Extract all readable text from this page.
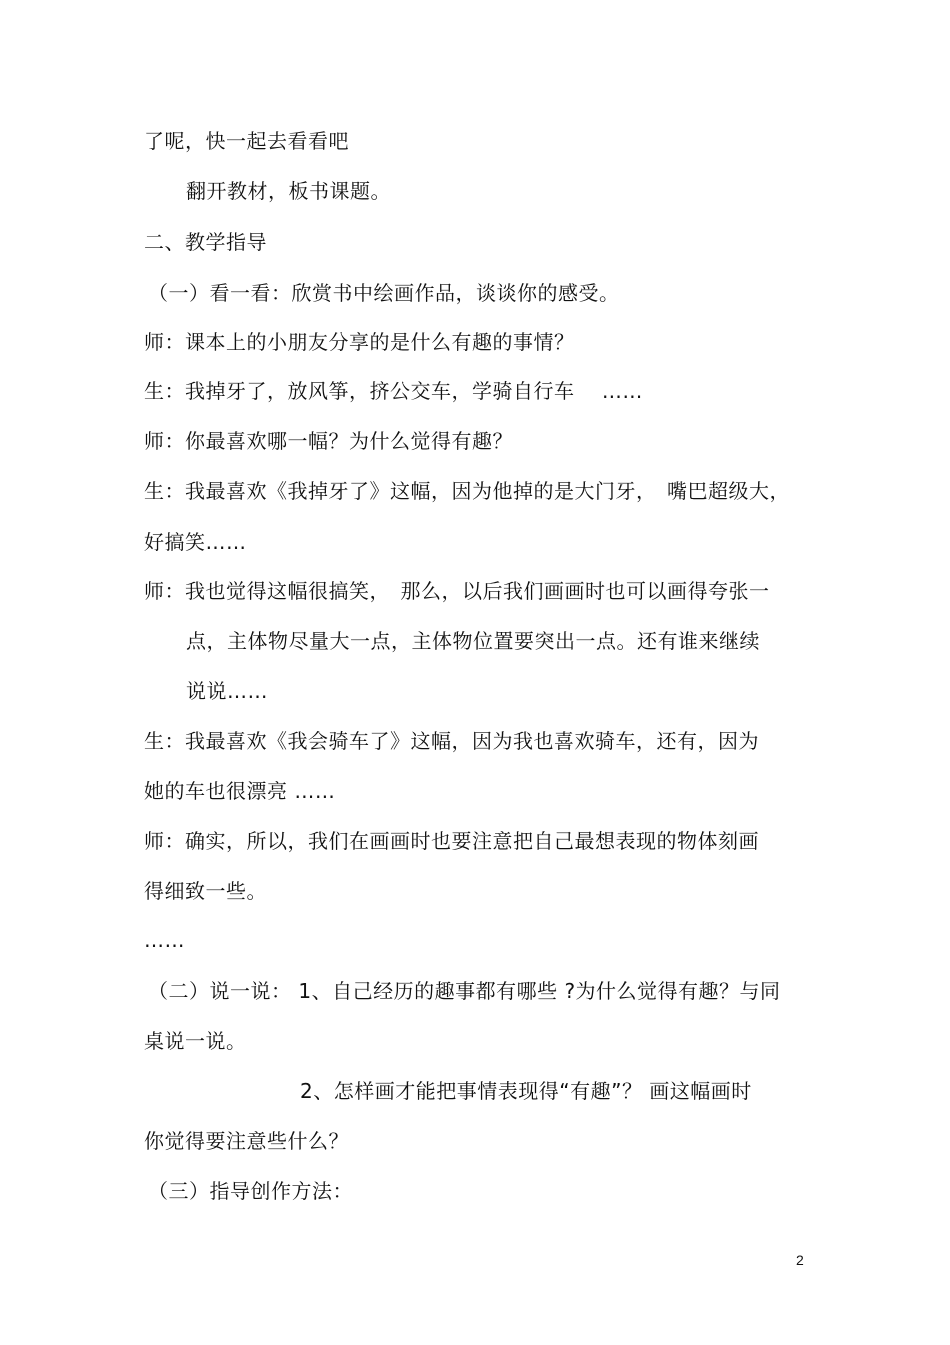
了呢，快一起去看看吧
翻开教材，板书课题。
二、教学指导
（一）看一看：欣赏书中绘画作品，谈谈你的感受。
师：课本上的小朋友分享的是什么有趣的事情？
生：我掉牙了，放风筝，挤公交车，学骑自行车　 ……
师：你最喜欢哪一幅？为什么觉得有趣？
生：我最喜欢《我掉牙了》这幅，因为他掉的是大门牙，　嘴巴超级大，
好搞笑……
师：我也觉得这幅很搞笑，　那么，以后我们画画时也可以画得夸张一
点，主体物尽量大一点，主体物位置要突出一点。还有谁来继续
说说……
生：我最喜欢《我会骑车了》这幅，因为我也喜欢骑车，还有，因为
她的车也很漂亮 ……
师：确实，所以，我们在画画时也要注意把自己最想表现的物体刻画
得细致一些。
……
（二）说一说： 1、自己经历的趣事都有哪些 ?为什么觉得有趣？与同
桌说一说。
2、怎样画才能把事情表现得“有趣”？ 画这幅画时
你觉得要注意些什么？
（三）指导创作方法：
2
